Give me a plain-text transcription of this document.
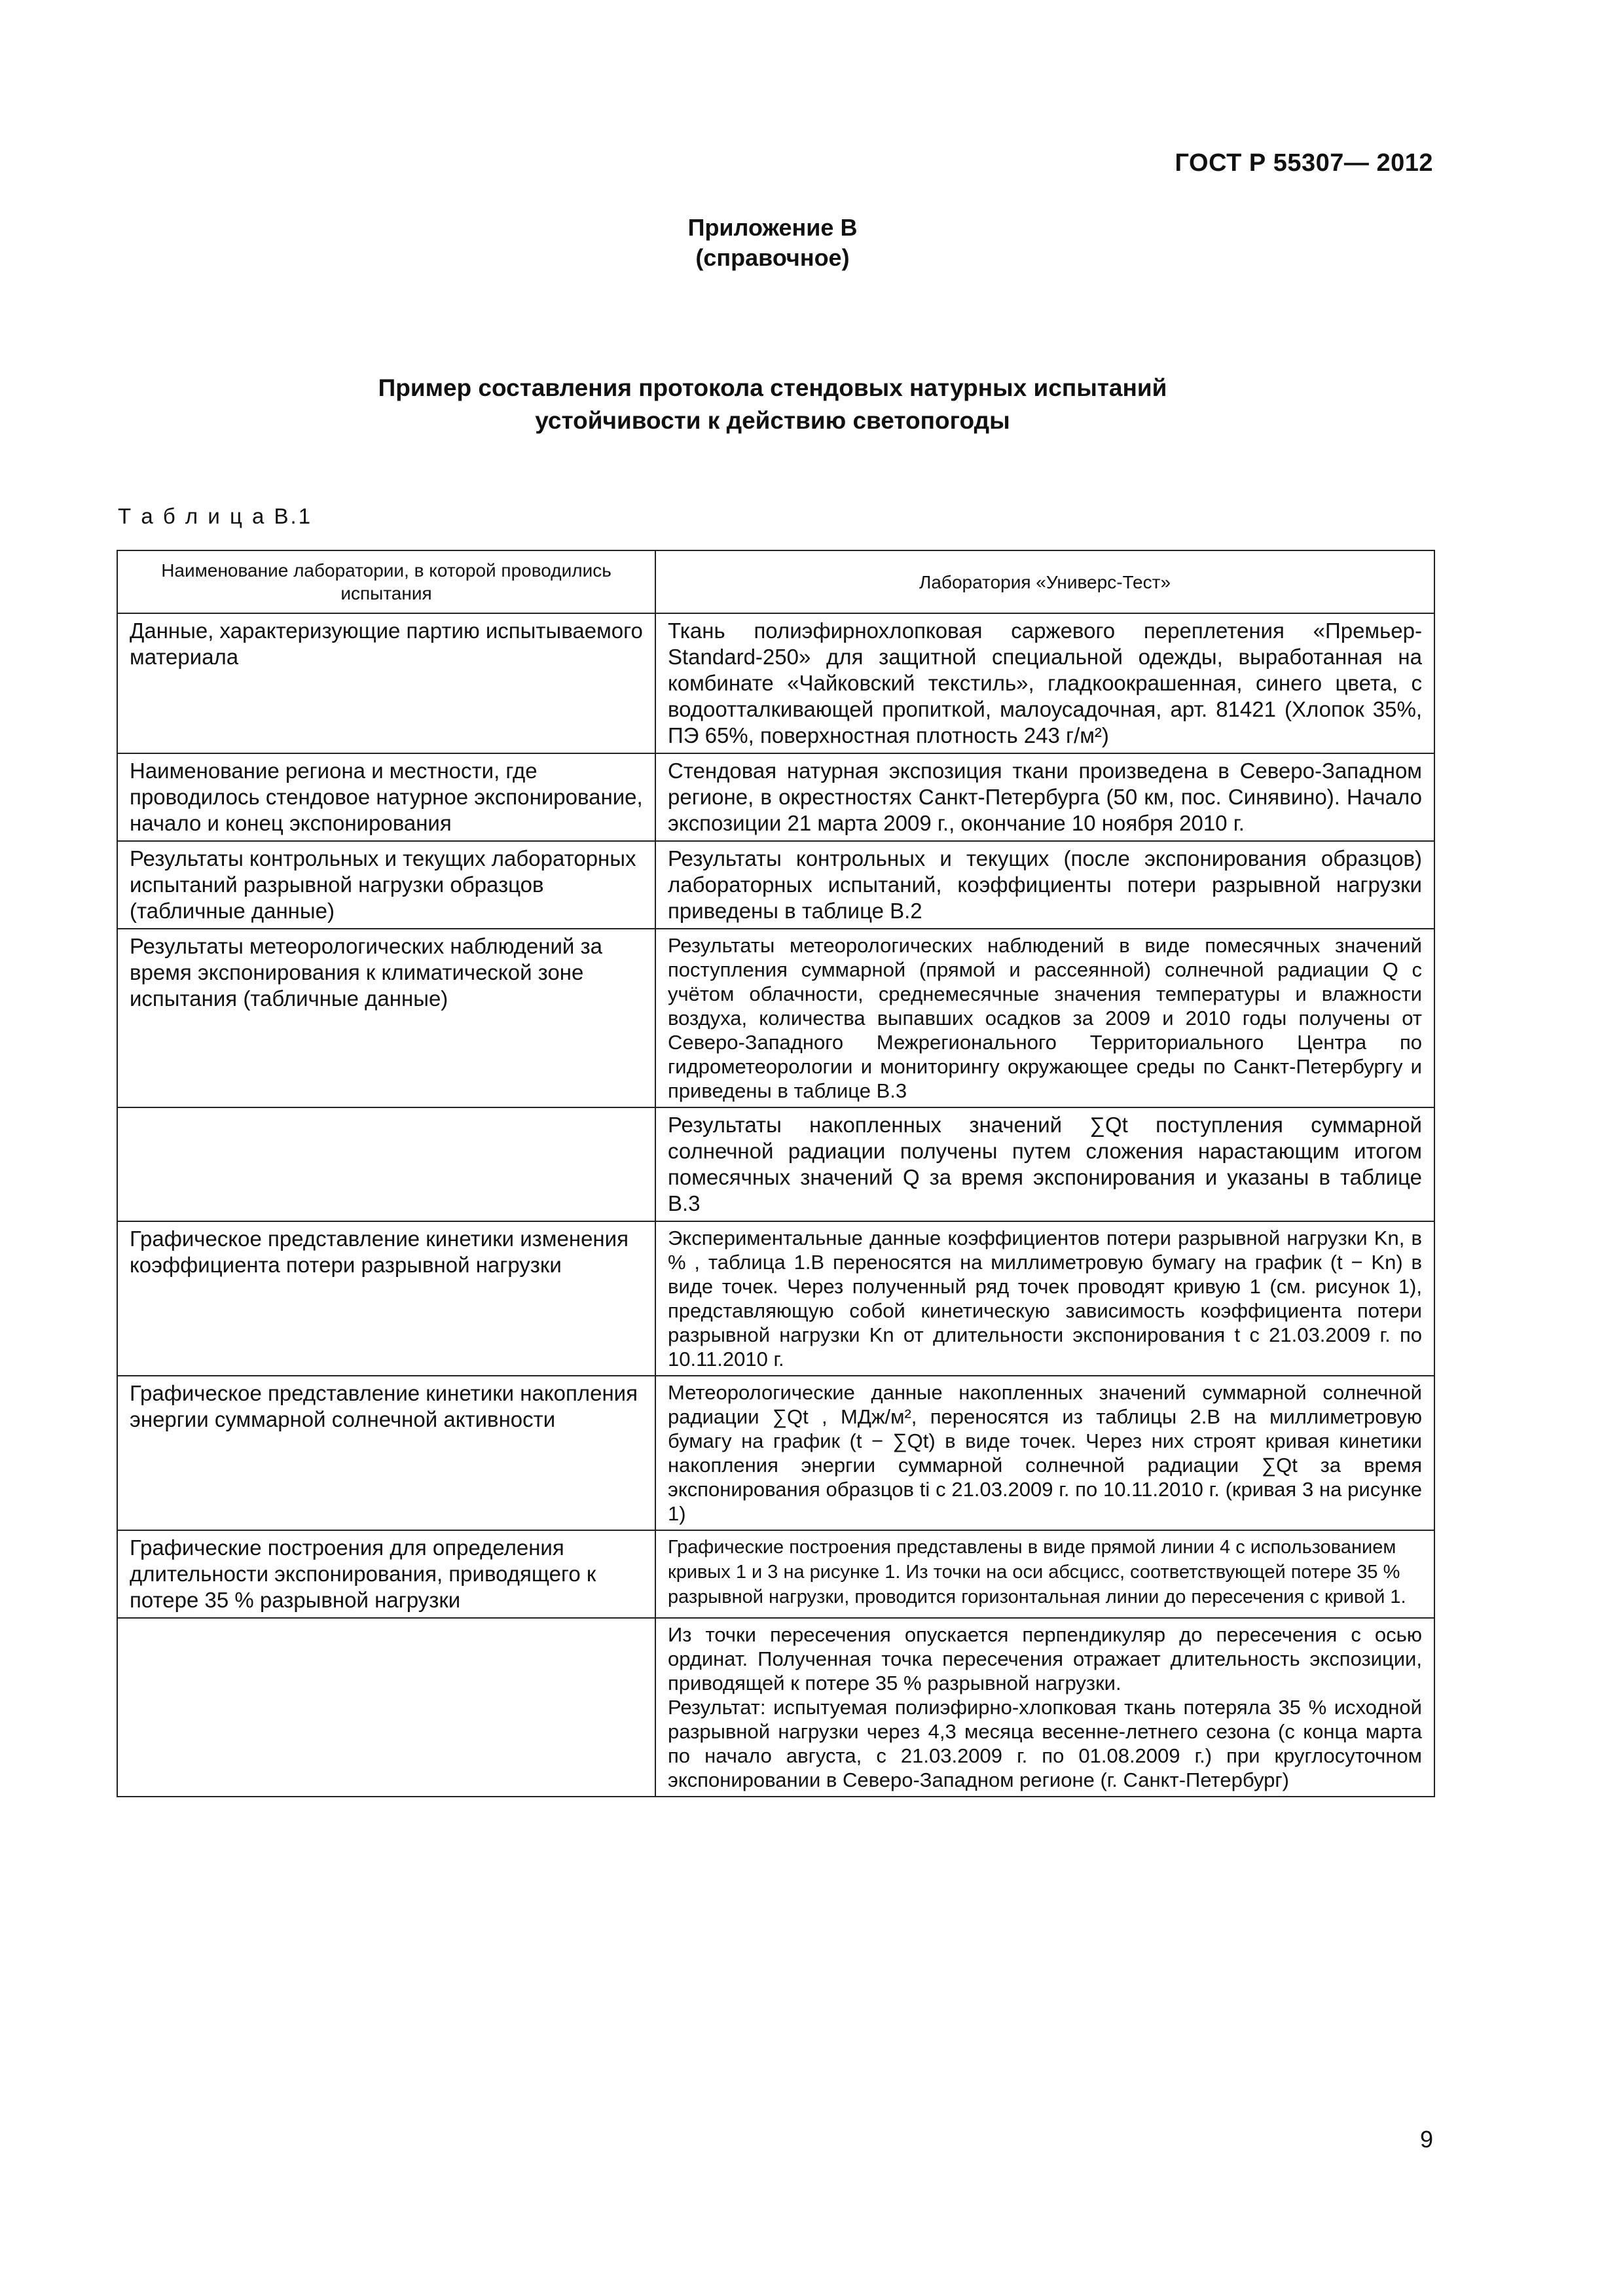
ГОСТ Р 55307— 2012
Приложение В
(справочное)
Пример составления протокола стендовых натурных испытаний
устойчивости к действию светопогоды
Т а б л и ц а В.1
Наименование лаборатории, в которой проводились испытания	Лаборатория «Универс-Тест»
Данные, характеризующие партию испытываемого материала	Ткань полиэфирнохлопковая саржевого переплетения «Премьер-Standard-250» для защитной специальной одежды, выработанная на комбинате «Чайковский текстиль», гладкоокрашенная, синего цвета, с водоотталкивающей пропиткой, малоусадочная, арт. 81421 (Хлопок 35%, ПЭ 65%, поверхностная плотность 243 г/м²)
Наименование региона и местности, где проводилось стендовое натурное экспонирование, начало и конец экспонирования	Стендовая натурная экспозиция ткани произведена в Северо-Западном регионе, в окрестностях Санкт-Петербурга (50 км, пос. Синявино). Начало экспозиции 21 марта 2009 г., окончание 10 ноября 2010 г.
Результаты контрольных и текущих лабораторных испытаний разрывной нагрузки образцов (табличные данные)	Результаты контрольных и текущих (после экспонирования образцов) лабораторных испытаний, коэффициенты потери разрывной нагрузки приведены в таблице В.2
Результаты метеорологических наблюдений за время экспонирования к климатической зоне испытания (табличные данные)	Результаты метеорологических наблюдений в виде помесячных значений поступления суммарной (прямой и рассеянной) солнечной радиации Q с учётом облачности, среднемесячные значения температуры и влажности воздуха, количества выпавших осадков за 2009 и 2010 годы получены от Северо-Западного Межрегионального Территориального Центра по гидрометеорологии и мониторингу окружающее среды по Санкт-Петербургу и приведены в таблице В.3
	Результаты накопленных значений ∑Qt поступления суммарной солнечной радиации получены путем сложения нарастающим итогом помесячных значений Q за время экспонирования и указаны в таблице В.3
Графическое представление кинетики изменения коэффициента потери разрывной нагрузки	Экспериментальные данные коэффициентов потери разрывной нагрузки Kn, в % , таблица 1.В переносятся на миллиметровую бумагу на график (t − Kn) в виде точек. Через полученный ряд точек проводят кривую 1 (см. рисунок 1), представляющую собой кинетическую зависимость коэффициента потери разрывной нагрузки Kn от длительности экспонирования t с 21.03.2009 г. по 10.11.2010 г.
Графическое представление кинетики накопления энергии суммарной солнечной активности	Метеорологические данные накопленных значений суммарной солнечной радиации ∑Qt , МДж/м², переносятся из таблицы 2.В на миллиметровую бумагу на график (t − ∑Qt) в виде точек. Через них строят кривая кинетики накопления энергии суммарной солнечной радиации ∑Qt за время экспонирования образцов ti с 21.03.2009 г. по 10.11.2010 г. (кривая 3 на рисунке 1)
Графические построения для определения длительности экспонирования, приводящего к потере 35 % разрывной нагрузки	Графические построения представлены в виде прямой линии 4 с использованием кривых 1 и 3 на рисунке 1. Из точки на оси абсцисс, соответствующей потере 35 % разрывной нагрузки, проводится горизонтальная линии до пересечения с кривой 1.

	Из точки пересечения опускается перпендикуляр до пересечения с осью ординат. Полученная точка пересечения отражает длительность экспозиции, приводящей к потере 35 % разрывной нагрузки.
Результат: испытуемая полиэфирно-хлопковая ткань потеряла 35 % исходной разрывной нагрузки через 4,3 месяца весенне-летнего сезона (с конца марта по начало августа, с 21.03.2009 г. по 01.08.2009 г.) при круглосуточном экспонировании в Северо-Западном регионе (г. Санкт-Петербург)
9
